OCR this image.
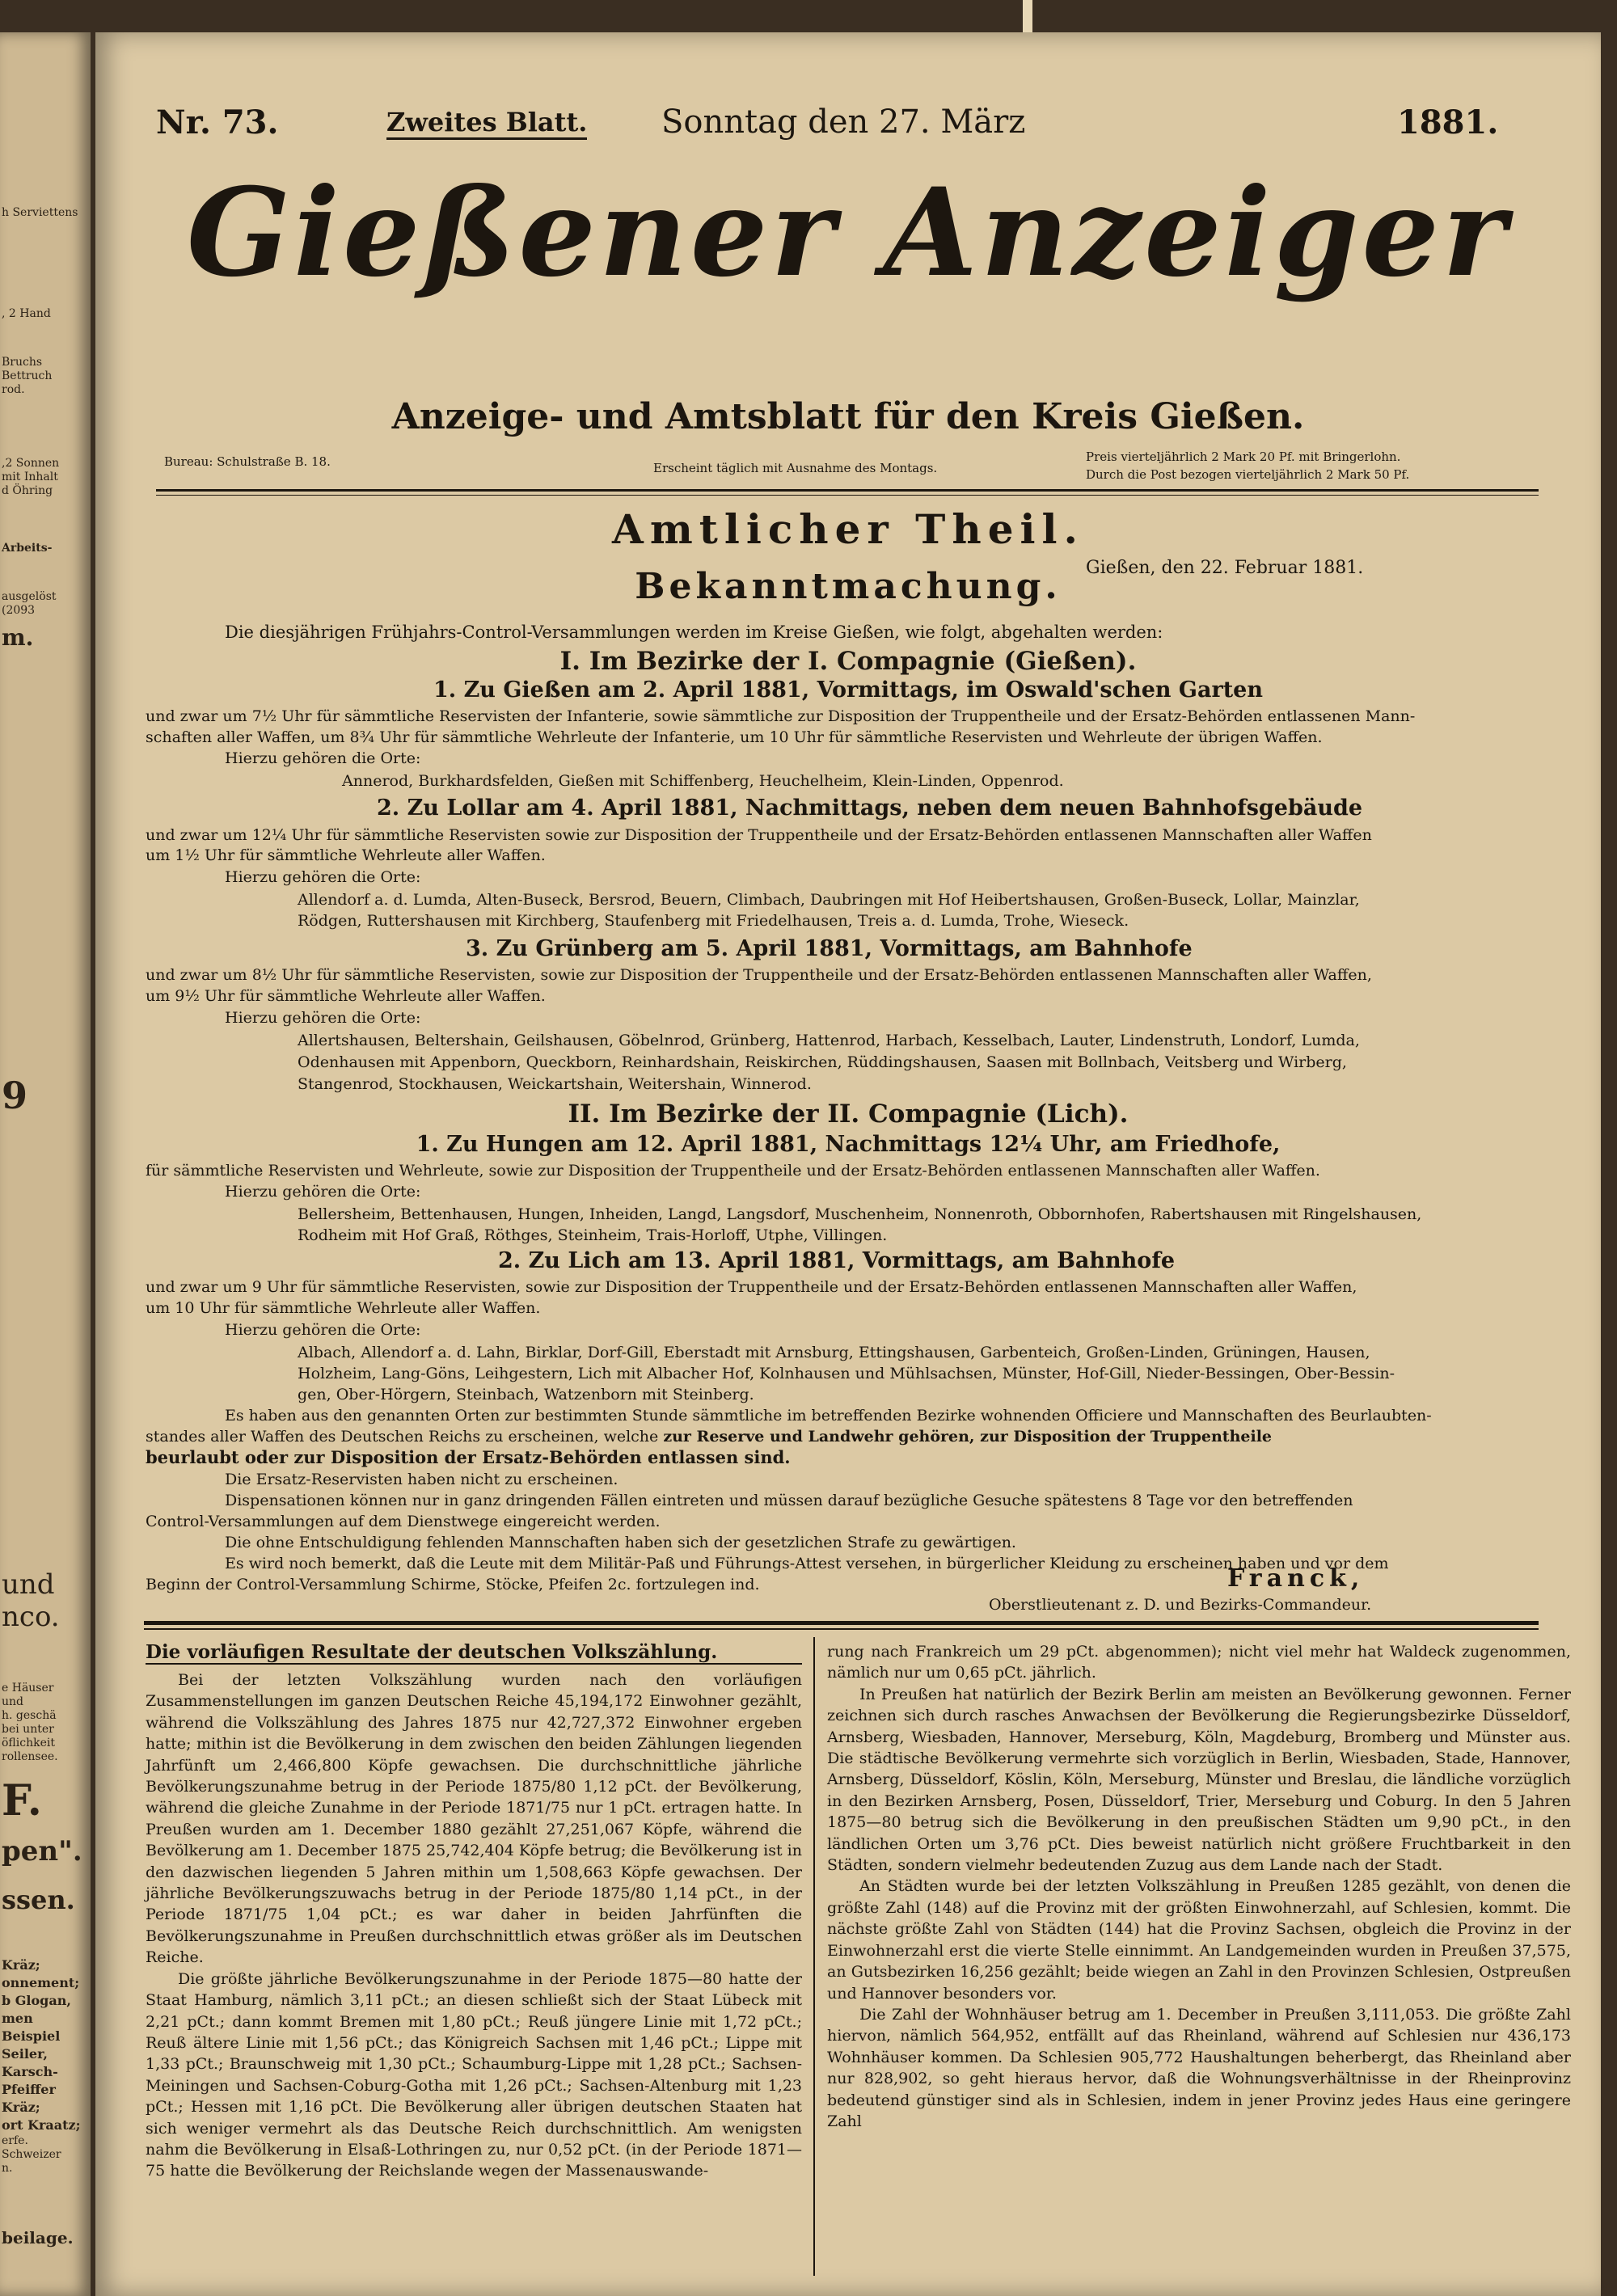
h Serviettens
, 2 Hand
Bruchs
Bettruch
rod.
,2 Sonnen
mit Inhalt
d Öhring
Arbeits-
ausgelöst
(2093
m.
9
und
nco.
e Häuser
und
h. geschä
bei unter
öflichkeit
rollensee.
F.
pen".
ssen.
Kräz;
onnement;
b Glogan,
men Beispiel
Seiler,
Karsch-Pfeiffer
Kräz;
ort Kraatz;
erfe.
Schweizer
n.
beilage.
Nr. 73.	Zweites Blatt. Sonntag den 27. März	1881.
Gießener Anzeiger
Anzeige- und Amtsblatt für den Kreis Gießen.
Bureau: Schulstraße B. 18.	Erscheint täglich mit Ausnahme des Montags.
Preis vierteljährlich 2 Mark 20 Pf. mit Bringerlohn.
Durch die Post bezogen vierteljährlich 2 Mark 50 Pf.
Amtlicher Theil.
Gießen, den 22. Februar 1881.
Bekanntmachung.
Die diesjährigen Frühjahrs-Control-Versammlungen werden im Kreise Gießen, wie folgt, abgehalten werden:
I. Im Bezirke der I. Compagnie (Gießen).
1. Zu Gießen am 2. April 1881, Vormittags, im Oswald'schen Garten
und zwar um 7½ Uhr für sämmtliche Reservisten der Infanterie, sowie sämmtliche zur Disposition der Truppentheile und der Ersatz-Behörden entlassenen Mann-
schaften aller Waffen, um 8¾ Uhr für sämmtliche Wehrleute der Infanterie, um 10 Uhr für sämmtliche Reservisten und Wehrleute der übrigen Waffen.
Hierzu gehören die Orte:
Annerod, Burkhardsfelden, Gießen mit Schiffenberg, Heuchelheim, Klein-Linden, Oppenrod.
2. Zu Lollar am 4. April 1881, Nachmittags, neben dem neuen Bahnhofsgebäude
und zwar um 12¼ Uhr für sämmtliche Reservisten sowie zur Disposition der Truppentheile und der Ersatz-Behörden entlassenen Mannschaften aller Waffen
um 1½ Uhr für sämmtliche Wehrleute aller Waffen.
Hierzu gehören die Orte:
Allendorf a. d. Lumda, Alten-Buseck, Bersrod, Beuern, Climbach, Daubringen mit Hof Heibertshausen, Großen-Buseck, Lollar, Mainzlar,
Rödgen, Ruttershausen mit Kirchberg, Staufenberg mit Friedelhausen, Treis a. d. Lumda, Trohe, Wieseck.
3. Zu Grünberg am 5. April 1881, Vormittags, am Bahnhofe
und zwar um 8½ Uhr für sämmtliche Reservisten, sowie zur Disposition der Truppentheile und der Ersatz-Behörden entlassenen Mannschaften aller Waffen,
um 9½ Uhr für sämmtliche Wehrleute aller Waffen.
Hierzu gehören die Orte:
Allertshausen, Beltershain, Geilshausen, Göbelnrod, Grünberg, Hattenrod, Harbach, Kesselbach, Lauter, Lindenstruth, Londorf, Lumda,
Odenhausen mit Appenborn, Queckborn, Reinhardshain, Reiskirchen, Rüddingshausen, Saasen mit Bollnbach, Veitsberg und Wirberg,
Stangenrod, Stockhausen, Weickartshain, Weitershain, Winnerod.
II. Im Bezirke der II. Compagnie (Lich).
1. Zu Hungen am 12. April 1881, Nachmittags 12¼ Uhr, am Friedhofe,
für sämmtliche Reservisten und Wehrleute, sowie zur Disposition der Truppentheile und der Ersatz-Behörden entlassenen Mannschaften aller Waffen.
Hierzu gehören die Orte:
Bellersheim, Bettenhausen, Hungen, Inheiden, Langd, Langsdorf, Muschenheim, Nonnenroth, Obbornhofen, Rabertshausen mit Ringelshausen,
Rodheim mit Hof Graß, Röthges, Steinheim, Trais-Horloff, Utphe, Villingen.
2. Zu Lich am 13. April 1881, Vormittags, am Bahnhofe
und zwar um 9 Uhr für sämmtliche Reservisten, sowie zur Disposition der Truppentheile und der Ersatz-Behörden entlassenen Mannschaften aller Waffen,
um 10 Uhr für sämmtliche Wehrleute aller Waffen.
Hierzu gehören die Orte:
Albach, Allendorf a. d. Lahn, Birklar, Dorf-Gill, Eberstadt mit Arnsburg, Ettingshausen, Garbenteich, Großen-Linden, Grüningen, Hausen,
Holzheim, Lang-Göns, Leihgestern, Lich mit Albacher Hof, Kolnhausen und Mühlsachsen, Münster, Hof-Gill, Nieder-Bessingen, Ober-Bessin-
gen, Ober-Hörgern, Steinbach, Watzenborn mit Steinberg.
Es haben aus den genannten Orten zur bestimmten Stunde sämmtliche im betreffenden Bezirke wohnenden Officiere und Mannschaften des Beurlaubten-
standes aller Waffen des Deutschen Reichs zu erscheinen, welche zur Reserve und Landwehr gehören, zur Disposition der Truppentheile
beurlaubt oder zur Disposition der Ersatz-Behörden entlassen sind.
Die Ersatz-Reservisten haben nicht zu erscheinen.
Dispensationen können nur in ganz dringenden Fällen eintreten und müssen darauf bezügliche Gesuche spätestens 8 Tage vor den betreffenden
Control-Versammlungen auf dem Dienstwege eingereicht werden.
Die ohne Entschuldigung fehlenden Mannschaften haben sich der gesetzlichen Strafe zu gewärtigen.
Es wird noch bemerkt, daß die Leute mit dem Militär-Paß und Führungs-Attest versehen, in bürgerlicher Kleidung zu erscheinen haben und vor dem
Beginn der Control-Versammlung Schirme, Stöcke, Pfeifen 2c. fortzulegen ind.	Franck,
Oberstlieutenant z. D. und Bezirks-Commandeur.
Die vorläufigen Resultate der deutschen Volkszählung.

Bei der letzten Volkszählung wurden nach den vorläufigen Zusammenstellungen im ganzen Deutschen Reiche 45,194,172 Einwohner gezählt, während die Volkszählung des Jahres 1875 nur 42,727,372 Einwohner ergeben hatte; mithin ist die Bevölkerung in dem zwischen den beiden Zählungen liegenden Jahrfünft um 2,466,800 Köpfe gewachsen. Die durchschnittliche jährliche Bevölkerungszunahme betrug in der Periode 1875/80 1,12 pCt. der Bevölkerung, während die gleiche Zunahme in der Periode 1871/75 nur 1 pCt. ertragen hatte. In Preußen wurden am 1. December 1880 gezählt 27,251,067 Köpfe, während die Bevölkerung am 1. December 1875 25,742,404 Köpfe betrug; die Bevölkerung ist in den dazwischen liegenden 5 Jahren mithin um 1,508,663 Köpfe gewachsen. Der jährliche Bevölkerungszuwachs betrug in der Periode 1875/80 1,14 pCt., in der Periode 1871/75 1,04 pCt.; es war daher in beiden Jahrfünften die Bevölkerungszunahme in Preußen durchschnittlich etwas größer als im Deutschen Reiche.

Die größte jährliche Bevölkerungszunahme in der Periode 1875—80 hatte der Staat Hamburg, nämlich 3,11 pCt.; an diesen schließt sich der Staat Lübeck mit 2,21 pCt.; dann kommt Bremen mit 1,80 pCt.; Reuß jüngere Linie mit 1,72 pCt.; Reuß ältere Linie mit 1,56 pCt.; das Königreich Sachsen mit 1,46 pCt.; Lippe mit 1,33 pCt.; Braunschweig mit 1,30 pCt.; Schaumburg-Lippe mit 1,28 pCt.; Sachsen-Meiningen und Sachsen-Coburg-Gotha mit 1,26 pCt.; Sachsen-Altenburg mit 1,23 pCt.; Hessen mit 1,16 pCt. Die Bevölkerung aller übrigen deutschen Staaten hat sich weniger vermehrt als das Deutsche Reich durchschnittlich. Am wenigsten nahm die Bevölkerung in Elsaß-Lothringen zu, nur 0,52 pCt. (in der Periode 1871—75 hatte die Bevölkerung der Reichslande wegen der Massenauswande-

rung nach Frankreich um 29 pCt. abgenommen); nicht viel mehr hat Waldeck zugenommen, nämlich nur um 0,65 pCt. jährlich.

In Preußen hat natürlich der Bezirk Berlin am meisten an Bevölkerung gewonnen. Ferner zeichnen sich durch rasches Anwachsen der Bevölkerung die Regierungsbezirke Düsseldorf, Arnsberg, Wiesbaden, Hannover, Merseburg, Köln, Magdeburg, Bromberg und Münster aus. Die städtische Bevölkerung vermehrte sich vorzüglich in Berlin, Wiesbaden, Stade, Hannover, Arnsberg, Düsseldorf, Köslin, Köln, Merseburg, Münster und Breslau, die ländliche vorzüglich in den Bezirken Arnsberg, Posen, Düsseldorf, Trier, Merseburg und Coburg. In den 5 Jahren 1875—80 betrug sich die Bevölkerung in den preußischen Städten um 9,90 pCt., in den ländlichen Orten um 3,76 pCt. Dies beweist natürlich nicht größere Fruchtbarkeit in den Städten, sondern vielmehr bedeutenden Zuzug aus dem Lande nach der Stadt.

An Städten wurde bei der letzten Volkszählung in Preußen 1285 gezählt, von denen die größte Zahl (148) auf die Provinz mit der größten Einwohnerzahl, auf Schlesien, kommt. Die nächste größte Zahl von Städten (144) hat die Provinz Sachsen, obgleich die Provinz in der Einwohnerzahl erst die vierte Stelle einnimmt. An Landgemeinden wurden in Preußen 37,575, an Gutsbezirken 16,256 gezählt; beide wiegen an Zahl in den Provinzen Schlesien, Ostpreußen und Hannover besonders vor.

Die Zahl der Wohnhäuser betrug am 1. December in Preußen 3,111,053. Die größte Zahl hiervon, nämlich 564,952, entfällt auf das Rheinland, während auf Schlesien nur 436,173 Wohnhäuser kommen. Da Schlesien 905,772 Haushaltungen beherbergt, das Rheinland aber nur 828,902, so geht hieraus hervor, daß die Wohnungsverhältnisse in der Rheinprovinz bedeutend günstiger sind als in Schlesien, indem in jener Provinz jedes Haus eine geringere Zahl
